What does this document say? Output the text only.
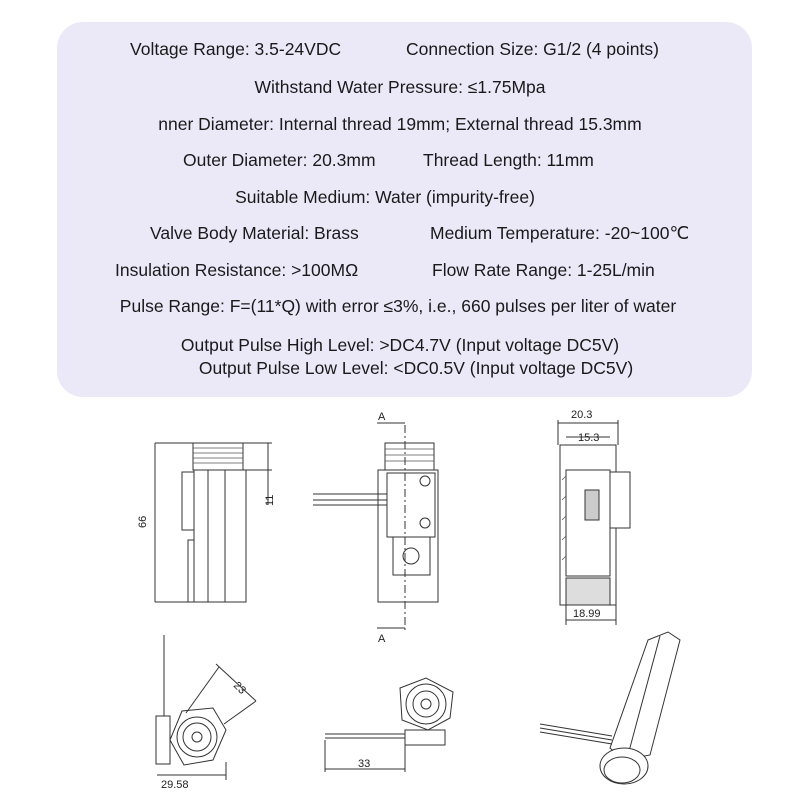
Voltage Range: 3.5-24VDC	Connection Size: G1/2 (4 points)
Withstand Water Pressure: ≤1.75Mpa
nner Diameter: Internal thread 19mm; External thread 15.3mm
Outer Diameter: 20.3mm	Thread Length: 11mm
Suitable Medium: Water (impurity-free)
Valve Body Material: Brass	Medium Temperature: -20~100℃
Insulation Resistance: >100MΩ	Flow Rate Range: 1-25L/min
Pulse Range: F=(11*Q) with error ≤3%, i.e., 660 pulses per liter of water
Output Pulse High Level: >DC4.7V (Input voltage DC5V)
Output Pulse Low Level: <DC0.5V (Input voltage DC5V)
66
11
A
A
20.3
15.3
18.99
23
29.58
33
